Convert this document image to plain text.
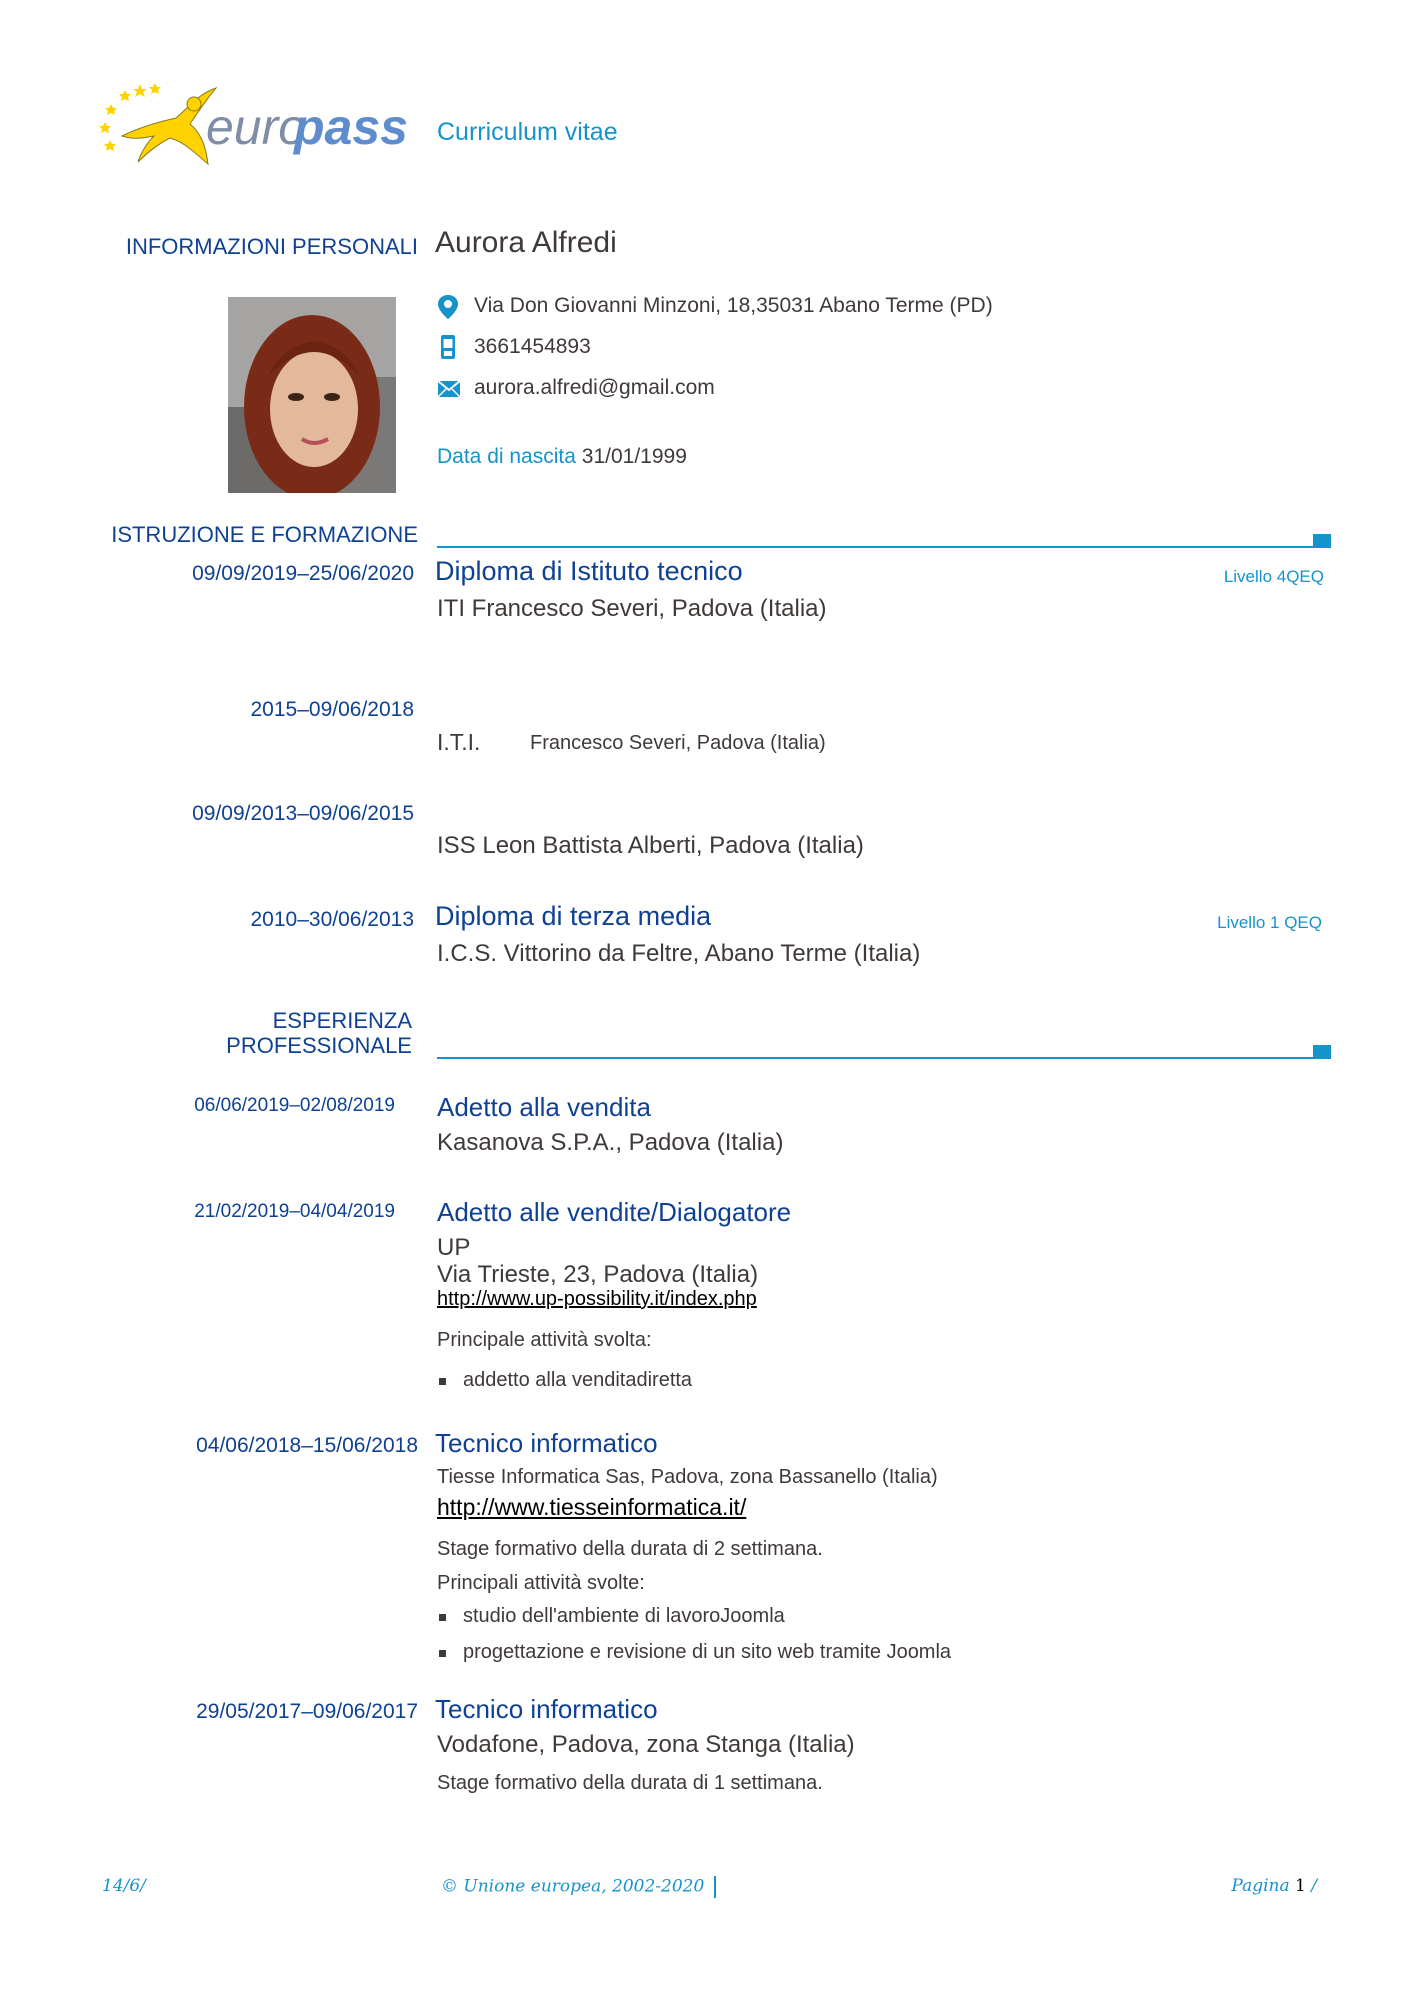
euro
pass Curriculum vitae
INFORMAZIONI PERSONALI Aurora Alfredi
Via Don Giovanni Minzoni, 18,35031 Abano Terme (PD)
3661454893
aurora.alfredi@gmail.com
Data di nascita 31/01/1999
ISTRUZIONE E FORMAZIONE
09/09/2019–25/06/2020 Diploma di Istituto tecnico	Livello 4QEQ
ITI Francesco Severi, Padova (Italia)
2015–09/06/2018
I.T.I. Francesco Severi, Padova (Italia)
09/09/2013–09/06/2015
ISS Leon Battista Alberti, Padova (Italia)
2010–30/06/2013 Diploma di terza media	Livello 1 QEQ
I.C.S. Vittorino da Feltre, Abano Terme (Italia)
ESPERIENZA
PROFESSIONALE
06/06/2019–02/08/2019 Adetto alla vendita
Kasanova S.P.A., Padova (Italia)
21/02/2019–04/04/2019 Adetto alle vendite/Dialogatore
UP
Via Trieste, 23, Padova (Italia)
http://www.up-possibility.it/index.php
Principale attività svolta:
addetto alla venditadiretta
04/06/2018–15/06/2018 Tecnico informatico
Tiesse Informatica Sas, Padova, zona Bassanello (Italia)
http://www.tiesseinformatica.it/
Stage formativo della durata di 2 settimana.
Principali attività svolte:
studio dell'ambiente di lavoroJoomla
progettazione e revisione di un sito web tramite Joomla
29/05/2017–09/06/2017 Tecnico informatico
Vodafone, Padova, zona Stanga (Italia)
Stage formativo della durata di 1 settimana.
14/6/	© Unione europea, 2002-2020	Pagina 1 /
